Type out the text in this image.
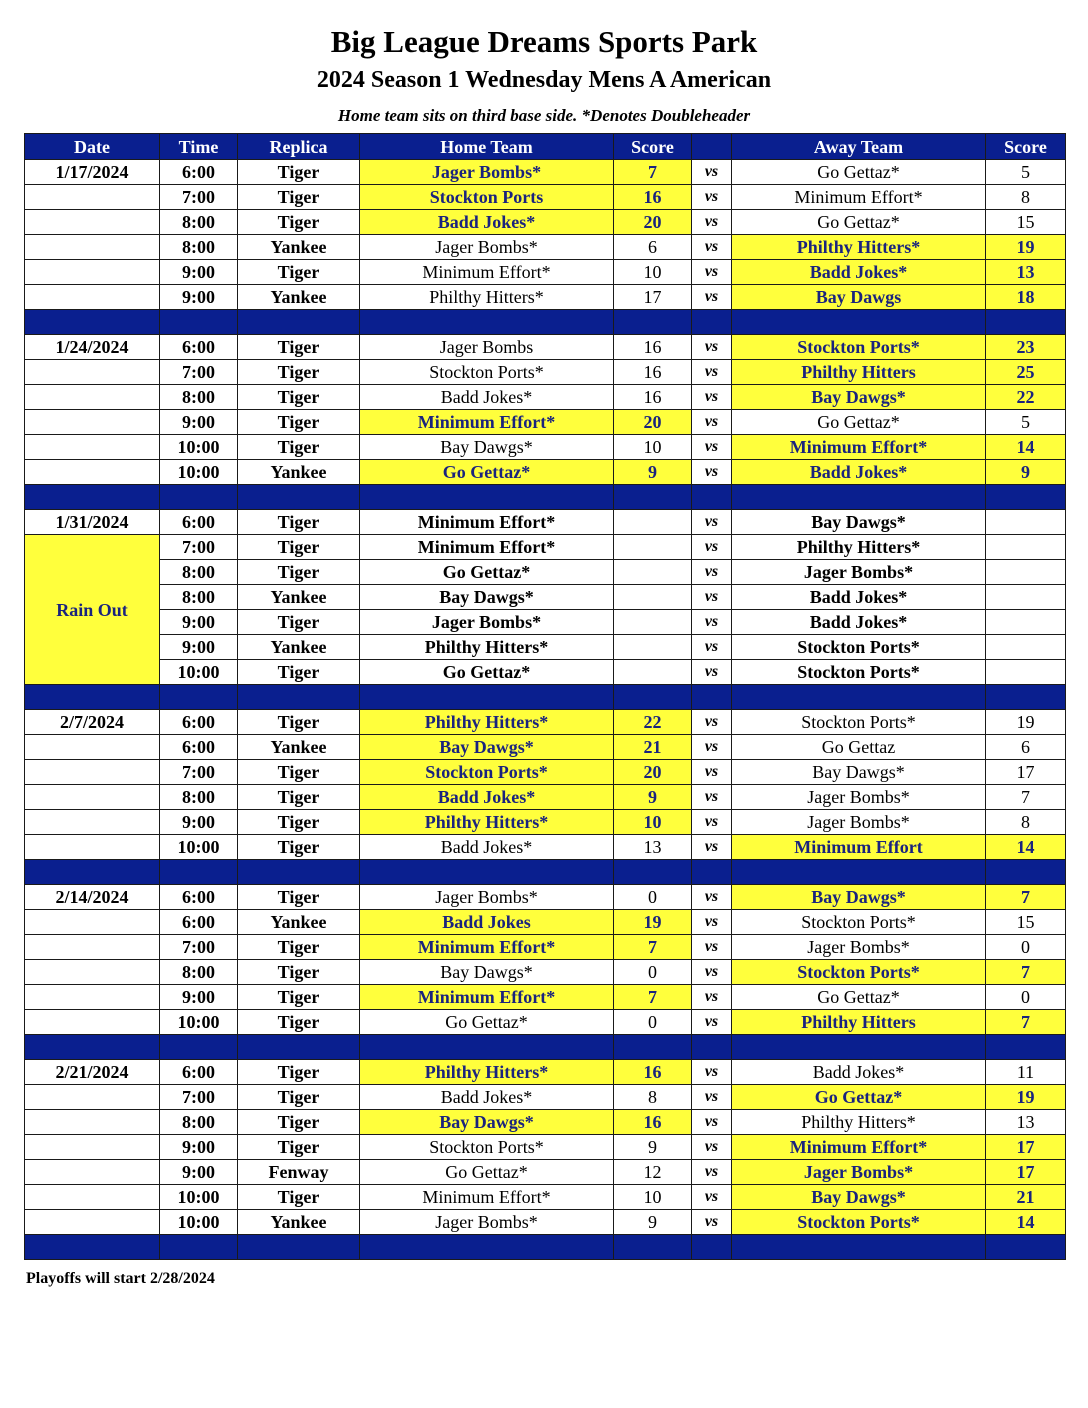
Big League Dreams Sports Park
2024 Season 1 Wednesday Mens A American
Home team sits on third base side. *Denotes Doubleheader
Date	Time	Replica	Home Team	Score		Away Team	Score
1/17/2024	6:00	Tiger	Jager Bombs*	7	vs	Go Gettaz*	5
	7:00	Tiger	Stockton Ports	16	vs	Minimum Effort*	8
	8:00	Tiger	Badd Jokes*	20	vs	Go Gettaz*	15
	8:00	Yankee	Jager Bombs*	6	vs	Philthy Hitters*	19
	9:00	Tiger	Minimum Effort*	10	vs	Badd Jokes*	13
	9:00	Yankee	Philthy Hitters*	17	vs	Bay Dawgs	18

1/24/2024	6:00	Tiger	Jager Bombs	16	vs	Stockton Ports*	23
	7:00	Tiger	Stockton Ports*	16	vs	Philthy Hitters	25
	8:00	Tiger	Badd Jokes*	16	vs	Bay Dawgs*	22
	9:00	Tiger	Minimum Effort*	20	vs	Go Gettaz*	5
	10:00	Tiger	Bay Dawgs*	10	vs	Minimum Effort*	14
	10:00	Yankee	Go Gettaz*	9	vs	Badd Jokes*	9

1/31/2024	6:00	Tiger	Minimum Effort*		vs	Bay Dawgs*	
Rain Out	7:00	Tiger	Minimum Effort*		vs	Philthy Hitters*	
	8:00	Tiger	Go Gettaz*		vs	Jager Bombs*	
	8:00	Yankee	Bay Dawgs*		vs	Badd Jokes*	
	9:00	Tiger	Jager Bombs*		vs	Badd Jokes*	
	9:00	Yankee	Philthy Hitters*		vs	Stockton Ports*	
	10:00	Tiger	Go Gettaz*		vs	Stockton Ports*	

2/7/2024	6:00	Tiger	Philthy Hitters*	22	vs	Stockton Ports*	19
	6:00	Yankee	Bay Dawgs*	21	vs	Go Gettaz	6
	7:00	Tiger	Stockton Ports*	20	vs	Bay Dawgs*	17
	8:00	Tiger	Badd Jokes*	9	vs	Jager Bombs*	7
	9:00	Tiger	Philthy Hitters*	10	vs	Jager Bombs*	8
	10:00	Tiger	Badd Jokes*	13	vs	Minimum Effort	14

2/14/2024	6:00	Tiger	Jager Bombs*	0	vs	Bay Dawgs*	7
	6:00	Yankee	Badd Jokes	19	vs	Stockton Ports*	15
	7:00	Tiger	Minimum Effort*	7	vs	Jager Bombs*	0
	8:00	Tiger	Bay Dawgs*	0	vs	Stockton Ports*	7
	9:00	Tiger	Minimum Effort*	7	vs	Go Gettaz*	0
	10:00	Tiger	Go Gettaz*	0	vs	Philthy Hitters	7

2/21/2024	6:00	Tiger	Philthy Hitters*	16	vs	Badd Jokes*	11
	7:00	Tiger	Badd Jokes*	8	vs	Go Gettaz*	19
	8:00	Tiger	Bay Dawgs*	16	vs	Philthy Hitters*	13
	9:00	Tiger	Stockton Ports*	9	vs	Minimum Effort*	17
	9:00	Fenway	Go Gettaz*	12	vs	Jager Bombs*	17
	10:00	Tiger	Minimum Effort*	10	vs	Bay Dawgs*	21
	10:00	Yankee	Jager Bombs*	9	vs	Stockton Ports*	14

Playoffs will start 2/28/2024
